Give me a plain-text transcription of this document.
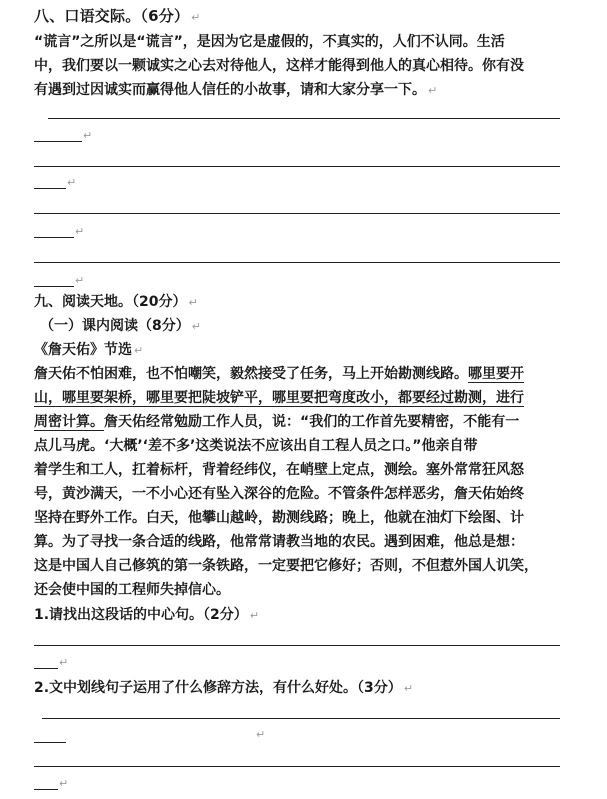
八、口语交际。（6分） ↵
“谎言”之所以是“谎言”，是因为它是虚假的，不真实的，人们不认同。生活
中，我们要以一颗诚实之心去对待他人，这样才能得到他人的真心相待。你有没
有遇到过因诚实而赢得他人信任的小故事，请和大家分享一下。 ↵
↵
↵
↵
↵
九、阅读天地。（20分） ↵
（一）课内阅读（8分） ↵
《詹天佑》节选 ↵
詹天佑不怕困难，也不怕嘲笑，毅然接受了任务，马上开始勘测线路。哪里要开
山，哪里要架桥，哪里要把陡坡铲平，哪里要把弯度改小，都要经过勘测，进行
周密计算。詹天佑经常勉励工作人员，说：“我们的工作首先要精密，不能有一
点儿马虎。‘大概’‘差不多’这类说法不应该出自工程人员之口。”他亲自带
着学生和工人，扛着标杆，背着经纬仪，在峭壁上定点，测绘。塞外常常狂风怒
号，黄沙满天，一不小心还有坠入深谷的危险。不管条件怎样恶劣，詹天佑始终
坚持在野外工作。白天，他攀山越岭，勘测线路；晚上，他就在油灯下绘图、计
算。为了寻找一条合适的线路，他常常请教当地的农民。遇到困难，他总是想：
这是中国人自己修筑的第一条铁路，一定要把它修好；否则，不但惹外国人讥笑，
还会使中国的工程师失掉信心。
1.请找出这段话的中心句。（2分） ↵
↵
2.文中划线句子运用了什么修辞方法，有什么好处。（3分） ↵
↵
↵
